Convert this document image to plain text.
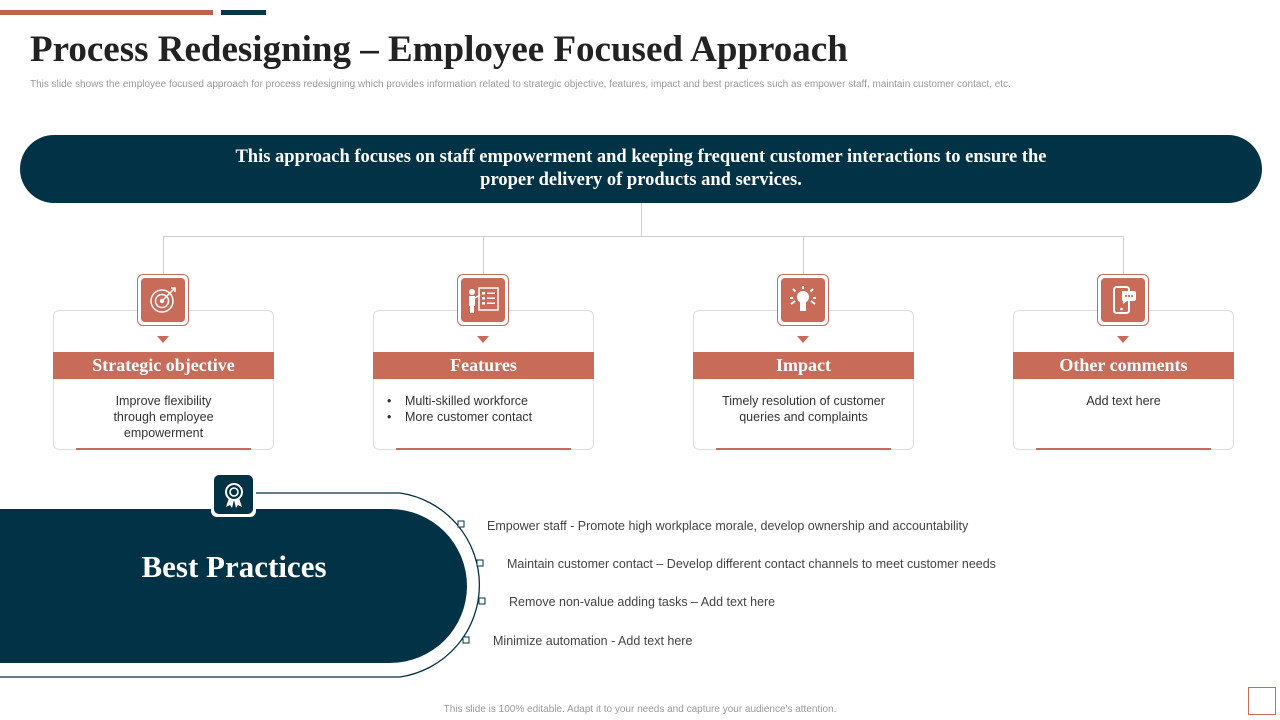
Process Redesigning – Employee Focused Approach
This slide shows the employee focused approach for process redesigning which provides information related to strategic objective, features, impact and best practices such as empower staff, maintain customer contact, etc.
This approach focuses on staff empowerment and keeping frequent customer interactions to ensure the proper delivery of products and services.
Strategic objective
Improve flexibility through employee empowerment
Features
• Multi-skilled workforce
• More customer contact
Impact
Timely resolution of customer queries and complaints
Other comments
Add text here
Best Practices
Empower staff - Promote high workplace morale, develop ownership and accountability
Maintain customer contact – Develop different contact channels to meet customer needs
Remove non-value adding tasks – Add text here
Minimize automation - Add text here
This slide is 100% editable. Adapt it to your needs and capture your audience's attention.
